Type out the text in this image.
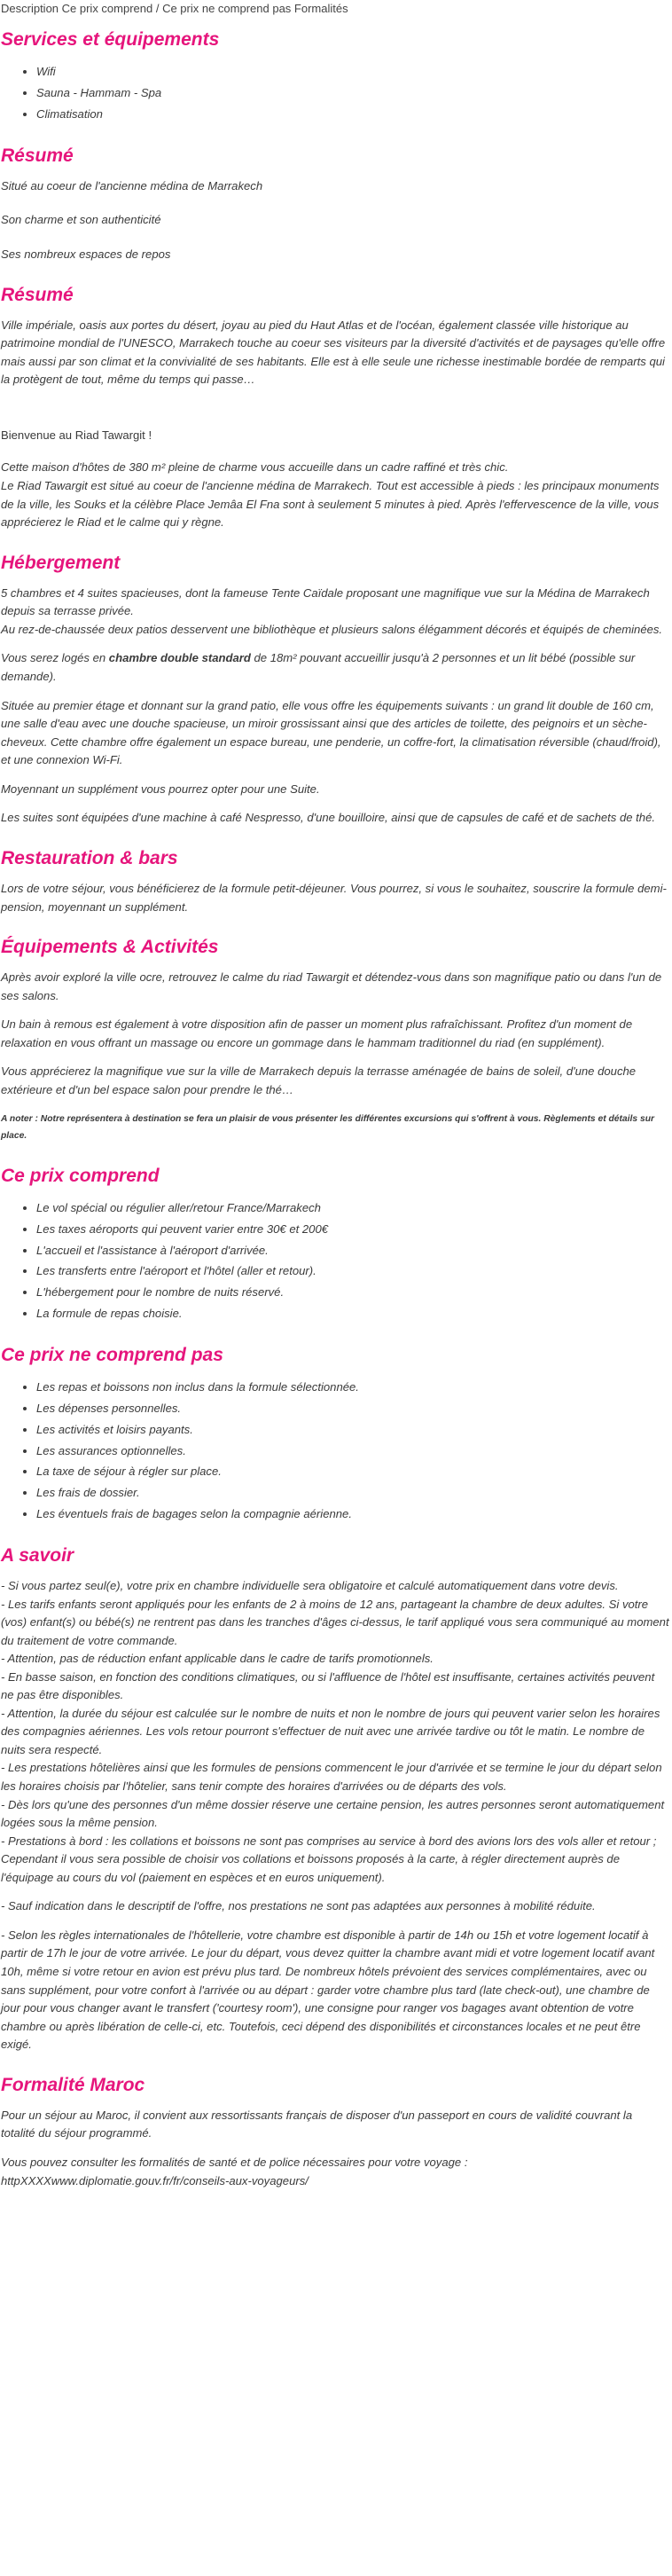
Description Ce prix comprend / Ce prix ne comprend pas Formalités
Services et équipements
• Wifi
• Sauna - Hammam - Spa
• Climatisation
Résumé

Situé au coeur de l'ancienne médina de Marrakech

Son charme et son authenticité

Ses nombreux espaces de repos

Résumé

Ville impériale, oasis aux portes du désert, joyau au pied du Haut Atlas et de l'océan, également classée ville historique au patrimoine mondial de l'UNESCO, Marrakech touche au coeur ses visiteurs par la diversité d'activités et de paysages qu'elle offre mais aussi par son climat et la convivialité de ses habitants. Elle est à elle seule une richesse inestimable bordée de remparts qui la protègent de tout, même du temps qui passe…

Bienvenue au Riad Tawargit !

Cette maison d'hôtes de 380 m² pleine de charme vous accueille dans un cadre raffiné et très chic.
Le Riad Tawargit est situé au coeur de l'ancienne médina de Marrakech. Tout est accessible à pieds : les principaux monuments de la ville, les Souks et la célèbre Place Jemâa El Fna sont à seulement 5 minutes à pied. Après l'effervescence de la ville, vous apprécierez le Riad et le calme qui y règne.

Hébergement

5 chambres et 4 suites spacieuses, dont la fameuse Tente Caïdale proposant une magnifique vue sur la Médina de Marrakech depuis sa terrasse privée.
Au rez-de-chaussée deux patios desservent une bibliothèque et plusieurs salons élégamment décorés et équipés de cheminées.

Vous serez logés en chambre double standard de 18m² pouvant accueillir jusqu'à 2 personnes et un lit bébé (possible sur demande).

Située au premier étage et donnant sur la grand patio, elle vous offre les équipements suivants : un grand lit double de 160 cm, une salle d'eau avec une douche spacieuse, un miroir grossissant ainsi que des articles de toilette, des peignoirs et un sèche-cheveux. Cette chambre offre également un espace bureau, une penderie, un coffre-fort, la climatisation réversible (chaud/froid), et une connexion Wi-Fi.

Moyennant un supplément vous pourrez opter pour une Suite.

Les suites sont équipées d'une machine à café Nespresso, d'une bouilloire, ainsi que de capsules de café et de sachets de thé.

Restauration & bars

Lors de votre séjour, vous bénéficierez de la formule petit-déjeuner. Vous pourrez, si vous le souhaitez, souscrire la formule demi-pension, moyennant un supplément.

Équipements & Activités

Après avoir exploré la ville ocre, retrouvez le calme du riad Tawargit et détendez-vous dans son magnifique patio ou dans l'un de ses salons.

Un bain à remous est également à votre disposition afin de passer un moment plus rafraîchissant. Profitez d'un moment de relaxation en vous offrant un massage ou encore un gommage dans le hammam traditionnel du riad (en supplément).

Vous apprécierez la magnifique vue sur la ville de Marrakech depuis la terrasse aménagée de bains de soleil, d'une douche extérieure et d'un bel espace salon pour prendre le thé…

A noter : Notre représentera à destination se fera un plaisir de vous présenter les différentes excursions qui s'offrent à vous. Règlements et détails sur place.

Ce prix comprend
• Le vol spécial ou régulier aller/retour France/Marrakech
• Les taxes aéroports qui peuvent varier entre 30€ et 200€
• L'accueil et l'assistance à l'aéroport d'arrivée.
• Les transferts entre l'aéroport et l'hôtel (aller et retour).
• L'hébergement pour le nombre de nuits réservé.
• La formule de repas choisie.
Ce prix ne comprend pas
• Les repas et boissons non inclus dans la formule sélectionnée.
• Les dépenses personnelles.
• Les activités et loisirs payants.
• Les assurances optionnelles.
• La taxe de séjour à régler sur place.
• Les frais de dossier.
• Les éventuels frais de bagages selon la compagnie aérienne.
A savoir

- Si vous partez seul(e), votre prix en chambre individuelle sera obligatoire et calculé automatiquement dans votre devis.
- Les tarifs enfants seront appliqués pour les enfants de 2 à moins de 12 ans, partageant la chambre de deux adultes. Si votre (vos) enfant(s) ou bébé(s) ne rentrent pas dans les tranches d'âges ci-dessus, le tarif appliqué vous sera communiqué au moment du traitement de votre commande.
- Attention, pas de réduction enfant applicable dans le cadre de tarifs promotionnels.
- En basse saison, en fonction des conditions climatiques, ou si l'affluence de l'hôtel est insuffisante, certaines activités peuvent ne pas être disponibles.
- Attention, la durée du séjour est calculée sur le nombre de nuits et non le nombre de jours qui peuvent varier selon les horaires des compagnies aériennes. Les vols retour pourront s'effectuer de nuit avec une arrivée tardive ou tôt le matin. Le nombre de nuits sera respecté.
- Les prestations hôtelières ainsi que les formules de pensions commencent le jour d'arrivée et se termine le jour du départ selon les horaires choisis par l'hôtelier, sans tenir compte des horaires d'arrivées ou de départs des vols.
- Dès lors qu'une des personnes d'un même dossier réserve une certaine pension, les autres personnes seront automatiquement logées sous la même pension.
- Prestations à bord : les collations et boissons ne sont pas comprises au service à bord des avions lors des vols aller et retour ; Cependant il vous sera possible de choisir vos collations et boissons proposés à la carte, à régler directement auprès de l'équipage au cours du vol (paiement en espèces et en euros uniquement).

- Sauf indication dans le descriptif de l'offre, nos prestations ne sont pas adaptées aux personnes à mobilité réduite.

- Selon les règles internationales de l'hôtellerie, votre chambre est disponible à partir de 14h ou 15h et votre logement locatif à partir de 17h le jour de votre arrivée. Le jour du départ, vous devez quitter la chambre avant midi et votre logement locatif avant 10h, même si votre retour en avion est prévu plus tard. De nombreux hôtels prévoient des services complémentaires, avec ou sans supplément, pour votre confort à l'arrivée ou au départ : garder votre chambre plus tard (late check-out), une chambre de jour pour vous changer avant le transfert ('courtesy room'), une consigne pour ranger vos bagages avant obtention de votre chambre ou après libération de celle-ci, etc. Toutefois, ceci dépend des disponibilités et circonstances locales et ne peut être exigé.

Formalité Maroc

Pour un séjour au Maroc, il convient aux ressortissants français de disposer d'un passeport en cours de validité couvrant la totalité du séjour programmé.

Vous pouvez consulter les formalités de santé et de police nécessaires pour votre voyage :
httpXXXXwww.diplomatie.gouv.fr/fr/conseils-aux-voyageurs/
